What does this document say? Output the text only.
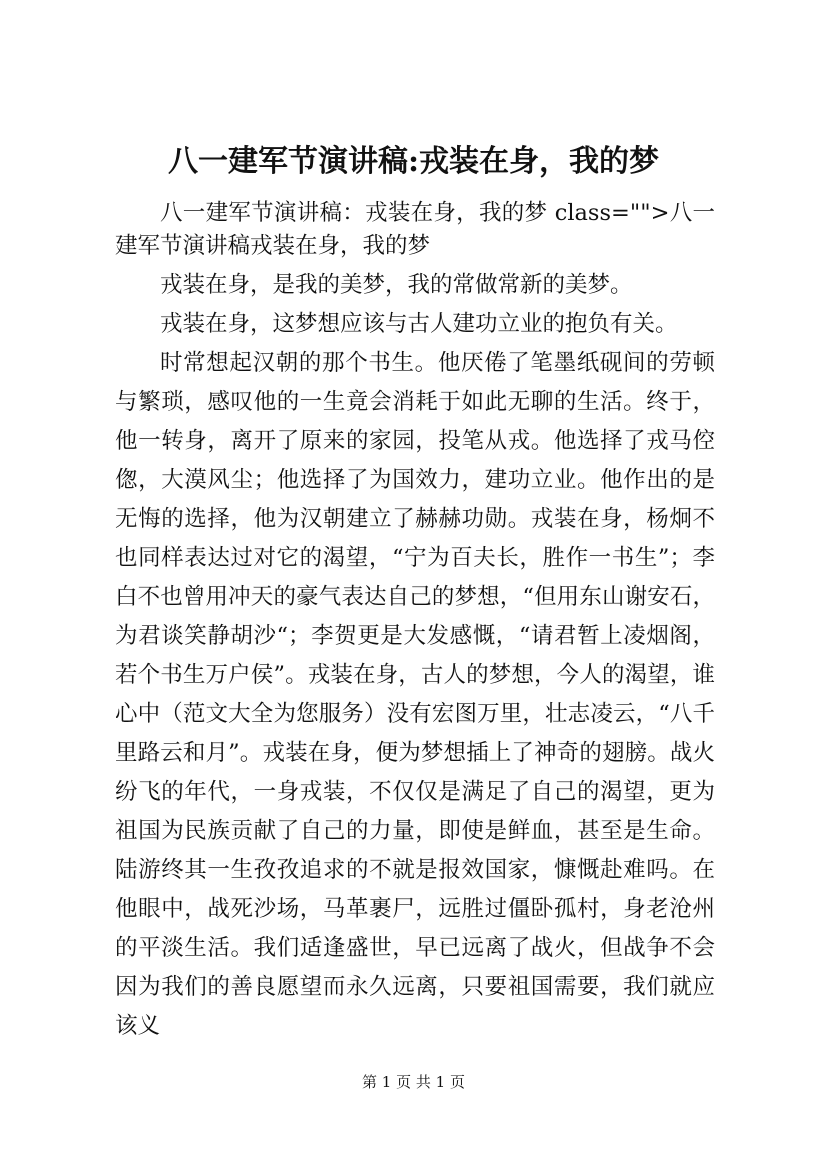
八一建军节演讲稿:戎装在身，我的梦

八一建军节演讲稿：戎装在身，我的梦 class="">八一建军节演讲稿戎装在身，我的梦

戎装在身，是我的美梦，我的常做常新的美梦。

戎装在身，这梦想应该与古人建功立业的抱负有关。

时常想起汉朝的那个书生。他厌倦了笔墨纸砚间的劳顿与繁琐，感叹他的一生竟会消耗于如此无聊的生活。终于，他一转身，离开了原来的家园，投笔从戎。他选择了戎马倥偬，大漠风尘；他选择了为国效力，建功立业。他作出的是无悔的选择，他为汉朝建立了赫赫功勋。戎装在身，杨炯不也同样表达过对它的渴望，“宁为百夫长，胜作一书生”；李白不也曾用冲天的豪气表达自己的梦想，“但用东山谢安石，为君谈笑静胡沙“；李贺更是大发感慨，“请君暂上凌烟阁，若个书生万户侯”。戎装在身，古人的梦想，今人的渴望，谁心中（范文大全为您服务）没有宏图万里，壮志凌云，“八千里路云和月”。戎装在身，便为梦想插上了神奇的翅膀。战火纷飞的年代，一身戎装，不仅仅是满足了自己的渴望，更为祖国为民族贡献了自己的力量，即使是鲜血，甚至是生命。陆游终其一生孜孜追求的不就是报效国家，慷慨赴难吗。在他眼中，战死沙场，马革裹尸，远胜过僵卧孤村，身老沧州的平淡生活。我们适逢盛世，早已远离了战火，但战争不会因为我们的善良愿望而永久远离，只要祖国需要，我们就应该义

第 1 页 共 1 页
